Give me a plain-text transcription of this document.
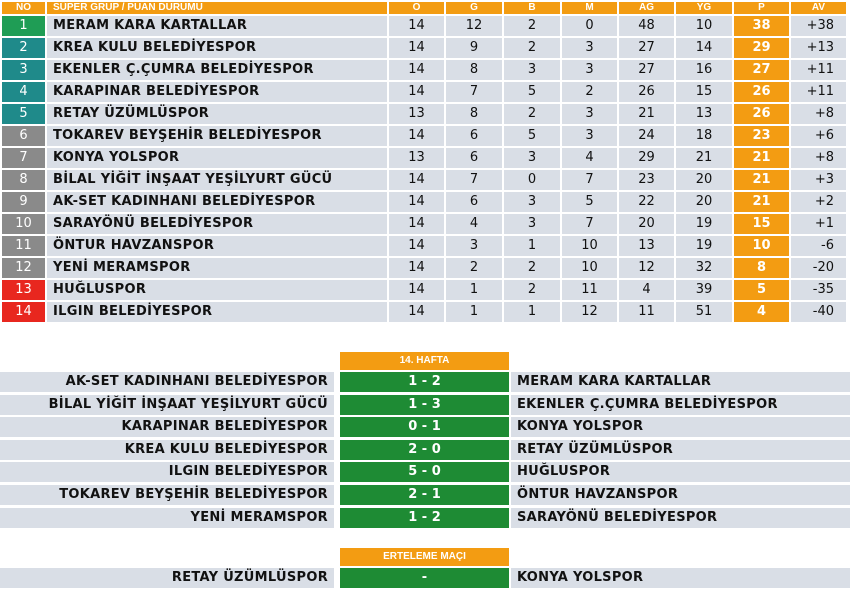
NO	SÜPER GRUP / PUAN DURUMU	O	G	B	M	AG	YG	P	AV
1	MERAM KARA KARTALLAR	14	12	2	0	48	10	38	+38
2	KREA KULU BELEDİYESPOR	14	9	2	3	27	14	29	+13
3	EKENLER Ç.ÇUMRA BELEDİYESPOR	14	8	3	3	27	16	27	+11
4	KARAPINAR BELEDİYESPOR	14	7	5	2	26	15	26	+11
5	RETAY ÜZÜMLÜSPOR	13	8	2	3	21	13	26	+8
6	TOKAREV BEYŞEHİR BELEDİYESPOR	14	6	5	3	24	18	23	+6
7	KONYA YOLSPOR	13	6	3	4	29	21	21	+8
8	BİLAL YİĞİT İNŞAAT YEŞİLYURT GÜCÜ	14	7	0	7	23	20	21	+3
9	AK-SET KADINHANI BELEDİYESPOR	14	6	3	5	22	20	21	+2
10	SARAYÖNÜ BELEDİYESPOR	14	4	3	7	20	19	15	+1
11	ÖNTUR HAVZANSPOR	14	3	1	10	13	19	10	-6
12	YENİ MERAMSPOR	14	2	2	10	12	32	8	-20
13	HUĞLUSPOR	14	1	2	11	4	39	5	-35
14	ILGIN BELEDİYESPOR	14	1	1	12	11	51	4	-40
14. HAFTA
AK-SET KADINHANI BELEDİYESPOR	1 - 2	MERAM KARA KARTALLAR
BİLAL YİĞİT İNŞAAT YEŞİLYURT GÜCÜ	1 - 3	EKENLER Ç.ÇUMRA BELEDİYESPOR
KARAPINAR BELEDİYESPOR	0 - 1	KONYA YOLSPOR
KREA KULU BELEDİYESPOR	2 - 0	RETAY ÜZÜMLÜSPOR
ILGIN BELEDİYESPOR	5 - 0	HUĞLUSPOR
TOKAREV BEYŞEHİR BELEDİYESPOR	2 - 1	ÖNTUR HAVZANSPOR
YENİ MERAMSPOR	1 - 2	SARAYÖNÜ BELEDİYESPOR
ERTELEME MAÇI
RETAY ÜZÜMLÜSPOR	-	KONYA YOLSPOR
